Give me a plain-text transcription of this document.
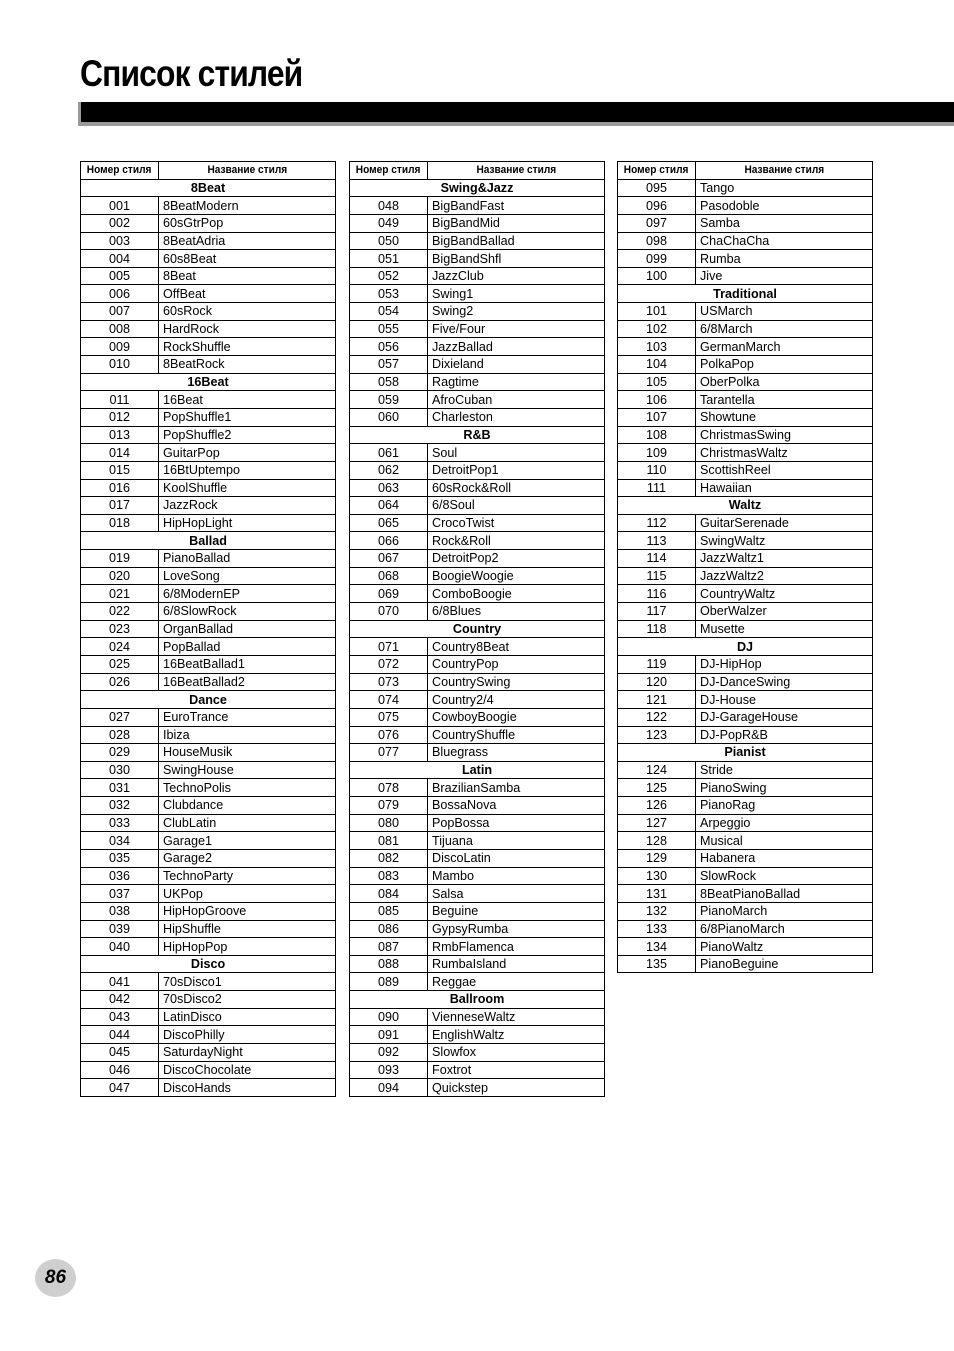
Список стилей
Номер стиля	Название стиля
8Beat	
001	8BeatModern
002	60sGtrPop
003	8BeatAdria
004	60s8Beat
005	8Beat
006	OffBeat
007	60sRock
008	HardRock
009	RockShuffle
010	8BeatRock
16Beat	
011	16Beat
012	PopShuffle1
013	PopShuffle2
014	GuitarPop
015	16BtUptempo
016	KoolShuffle
017	JazzRock
018	HipHopLight
Ballad	
019	PianoBallad
020	LoveSong
021	6/8ModernEP
022	6/8SlowRock
023	OrganBallad
024	PopBallad
025	16BeatBallad1
026	16BeatBallad2
Dance	
027	EuroTrance
028	Ibiza
029	HouseMusik
030	SwingHouse
031	TechnoPolis
032	Clubdance
033	ClubLatin
034	Garage1
035	Garage2
036	TechnoParty
037	UKPop
038	HipHopGroove
039	HipShuffle
040	HipHopPop
Disco	
041	70sDisco1
042	70sDisco2
043	LatinDisco
044	DiscoPhilly
045	SaturdayNight
046	DiscoChocolate
047	DiscoHands
Номер стиля	Название стиля
Swing&Jazz	
048	BigBandFast
049	BigBandMid
050	BigBandBallad
051	BigBandShfl
052	JazzClub
053	Swing1
054	Swing2
055	Five/Four
056	JazzBallad
057	Dixieland
058	Ragtime
059	AfroCuban
060	Charleston
R&B	
061	Soul
062	DetroitPop1
063	60sRock&Roll
064	6/8Soul
065	CrocoTwist
066	Rock&Roll
067	DetroitPop2
068	BoogieWoogie
069	ComboBoogie
070	6/8Blues
Country	
071	Country8Beat
072	CountryPop
073	CountrySwing
074	Country2/4
075	CowboyBoogie
076	CountryShuffle
077	Bluegrass
Latin	
078	BrazilianSamba
079	BossaNova
080	PopBossa
081	Tijuana
082	DiscoLatin
083	Mambo
084	Salsa
085	Beguine
086	GypsyRumba
087	RmbFlamenca
088	RumbaIsland
089	Reggae
Ballroom	
090	VienneseWaltz
091	EnglishWaltz
092	Slowfox
093	Foxtrot
094	Quickstep
Номер стиля	Название стиля
095	Tango
096	Pasodoble
097	Samba
098	ChaChaCha
099	Rumba
100	Jive
Traditional	
101	USMarch
102	6/8March
103	GermanMarch
104	PolkaPop
105	OberPolka
106	Tarantella
107	Showtune
108	ChristmasSwing
109	ChristmasWaltz
110	ScottishReel
111	Hawaiian
Waltz	
112	GuitarSerenade
113	SwingWaltz
114	JazzWaltz1
115	JazzWaltz2
116	CountryWaltz
117	OberWalzer
118	Musette
DJ	
119	DJ-HipHop
120	DJ-DanceSwing
121	DJ-House
122	DJ-GarageHouse
123	DJ-PopR&B
Pianist	
124	Stride
125	PianoSwing
126	PianoRag
127	Arpeggio
128	Musical
129	Habanera
130	SlowRock
131	8BeatPianoBallad
132	PianoMarch
133	6/8PianoMarch
134	PianoWaltz
135	PianoBeguine
86
